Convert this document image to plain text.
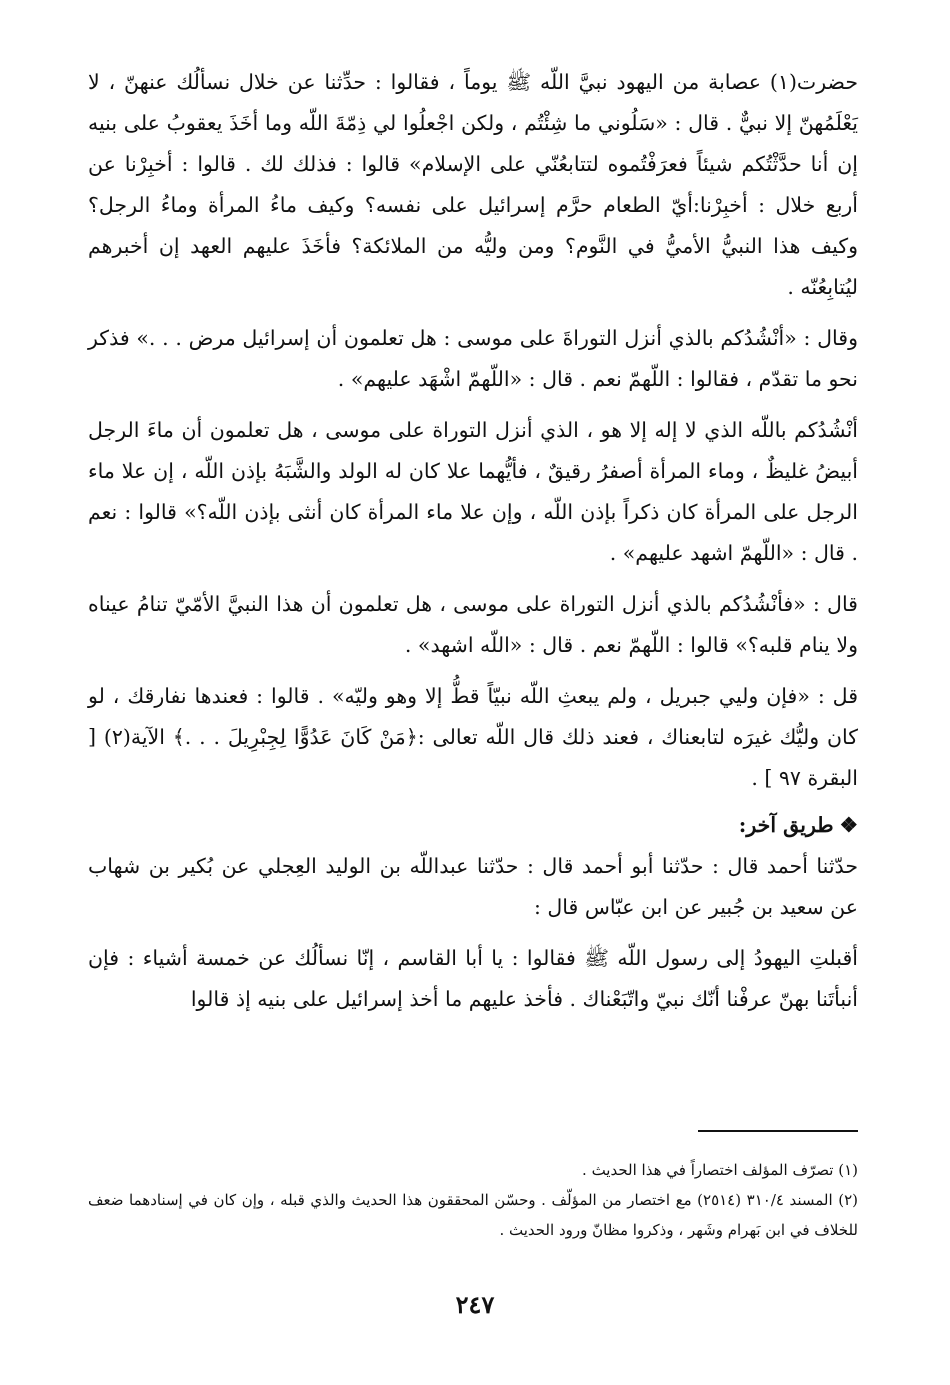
حضرت(١) عصابة من اليهود نبيَّ اللّه ﷺ يوماً ، فقالوا : حدِّثنا عن خلال نسألُك عنهنّ ، لا يَعْلَمُهنّ إلا نبيٌّ . قال : «سَلُوني ما شِئْتُم ، ولكن اجْعلُوا لي ذِمّةَ اللّه وما أخَذَ يعقوبُ على بنيه إن أنا حدَّثْتُكم شيئاً فعرَفْتُموه لتتابعُنّي على الإسلام» قالوا : فذلك لك . قالوا : أخبِرْنا عن أربع خلال : أخبِرْنا:أيّ الطعام حرَّم إسرائيل على نفسه؟ وكيف ماءُ المرأة وماءُ الرجل؟ وكيف هذا النبيُّ الأميُّ في النَّوم؟ ومن وليُّه من الملائكة؟ فأخَذَ عليهم العهد إن أخبرهم ليُتابِعُنّه .

وقال : «أنْشُدُكم بالذي أنزل التوراةَ على موسى : هل تعلمون أن إسرائيل مرض . . .» فذكر نحو ما تقدّم ، فقالوا : اللّهمّ نعم . قال : «اللّهمّ اشْهَد عليهم» .

أنْشُدُكم باللّه الذي لا إله إلا هو ، الذي أنزل التوراة على موسى ، هل تعلمون أن ماءَ الرجل أبيضُ غليظٌ ، وماء المرأة أصفرُ رقيقٌ ، فأيُّهما علا كان له الولد والشَّبَهُ بإذن اللّه ، إن علا ماء الرجل على المرأة كان ذكراً بإذن اللّه ، وإن علا ماء المرأة كان أنثى بإذن اللّه؟» قالوا : نعم . قال : «اللّهمّ اشهد عليهم» .

قال : «فأنْشُدُكم بالذي أنزل التوراة على موسى ، هل تعلمون أن هذا النبيَّ الأمّيّ تنامُ عيناه ولا ينام قلبه؟» قالوا : اللّهمّ نعم . قال : «اللّه اشهد» .

قل : «فإن وليي جبريل ، ولم يبعثِ اللّه نبيّاً قطُّ إلا وهو وليّه» . قالوا : فعندها نفارقك ، لو كان وليُّك غيرَه لتابعناك ، فعند ذلك قال اللّه تعالى :﴿مَنْ كَانَ عَدُوًّا لِجِبْرِيلَ . . .﴾ الآية(٢) [ البقرة ٩٧ ] .

❖طريق آخر:

حدّثنا أحمد قال : حدّثنا أبو أحمد قال : حدّثنا عبداللّه بن الوليد العِجلي عن بُكير بن شهاب عن سعيد بن جُبير عن ابن عبّاس قال :

أقبلتِ اليهودُ إلى رسول اللّه ﷺ فقالوا : يا أبا القاسم ، إنّا نسألُك عن خمسة أشياء : فإن أنبأتَنا بهنّ عرفْنا أنّك نبيّ واتّبَعْناك . فأخذ عليهم ما أخذ إسرائيل على بنيه إذ قالوا

(١) تصرّف المؤلف اختصاراً في هذا الحديث .

(٢) المسند ٣١٠/٤ (٢٥١٤) مع اختصار من المؤلّف . وحسّن المحققون هذا الحديث والذي قبله ، وإن كان في إسنادهما ضعف للخلاف في ابن بَهرام وشَهر ، وذكروا مظانّ ورود الحديث .

٢٤٧
